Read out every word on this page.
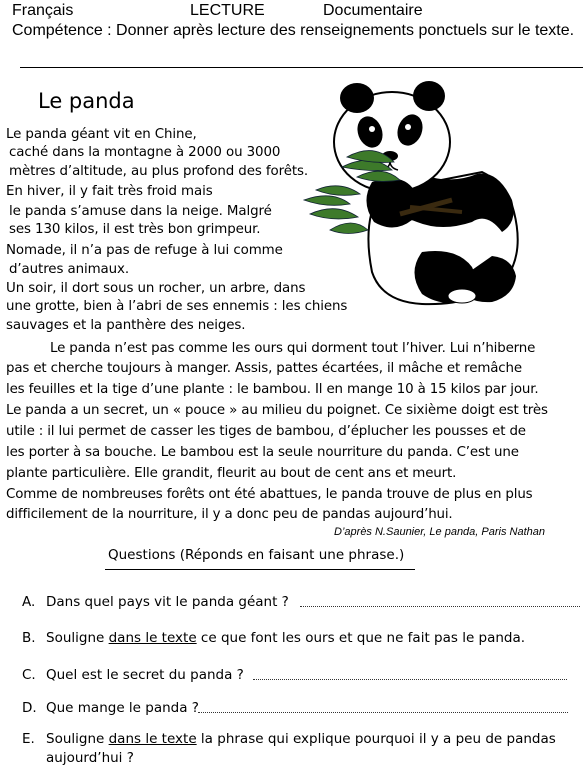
Français	LECTURE	Documentaire
Compétence : Donner après lecture des renseignements ponctuels sur le texte.
Le panda
Le panda géant vit en Chine,
caché dans la montagne à 2000 ou 3000
mètres d’altitude, au plus profond des forêts.
En hiver, il y fait très froid mais
le panda s’amuse dans la neige. Malgré
ses 130 kilos, il est très bon grimpeur.
Nomade, il n’a pas de refuge à lui comme
d’autres animaux.
Un soir, il dort sous un rocher, un arbre, dans
une grotte, bien à l’abri de ses ennemis : les chiens
sauvages et la panthère des neiges.
Le panda n’est pas comme les ours qui dorment tout l’hiver. Lui n’hiberne
pas et cherche toujours à manger. Assis, pattes écartées, il mâche et remâche
les feuilles et la tige d’une plante : le bambou. Il en mange 10 à 15 kilos par jour.
Le panda a un secret, un « pouce » au milieu du poignet. Ce sixième doigt est très
utile : il lui permet de casser les tiges de bambou, d’éplucher les pousses et de
les porter à sa bouche. Le bambou est la seule nourriture du panda. C’est une
plante particulière. Elle grandit, fleurit au bout de cent ans et meurt.
Comme de nombreuses forêts ont été abattues, le panda trouve de plus en plus
difficilement de la nourriture, il y a donc peu de pandas aujourd’hui.
D’après N.Saunier, Le panda, Paris Nathan
Questions (Réponds en faisant une phrase.)
A. Dans quel pays vit le panda géant ?
B. Souligne dans le texte ce que font les ours et que ne fait pas le panda.
C. Quel est le secret du panda ?
D. Que mange le panda ?
E. Souligne dans le texte la phrase qui explique pourquoi il y a peu de pandas
aujourd’hui ?
